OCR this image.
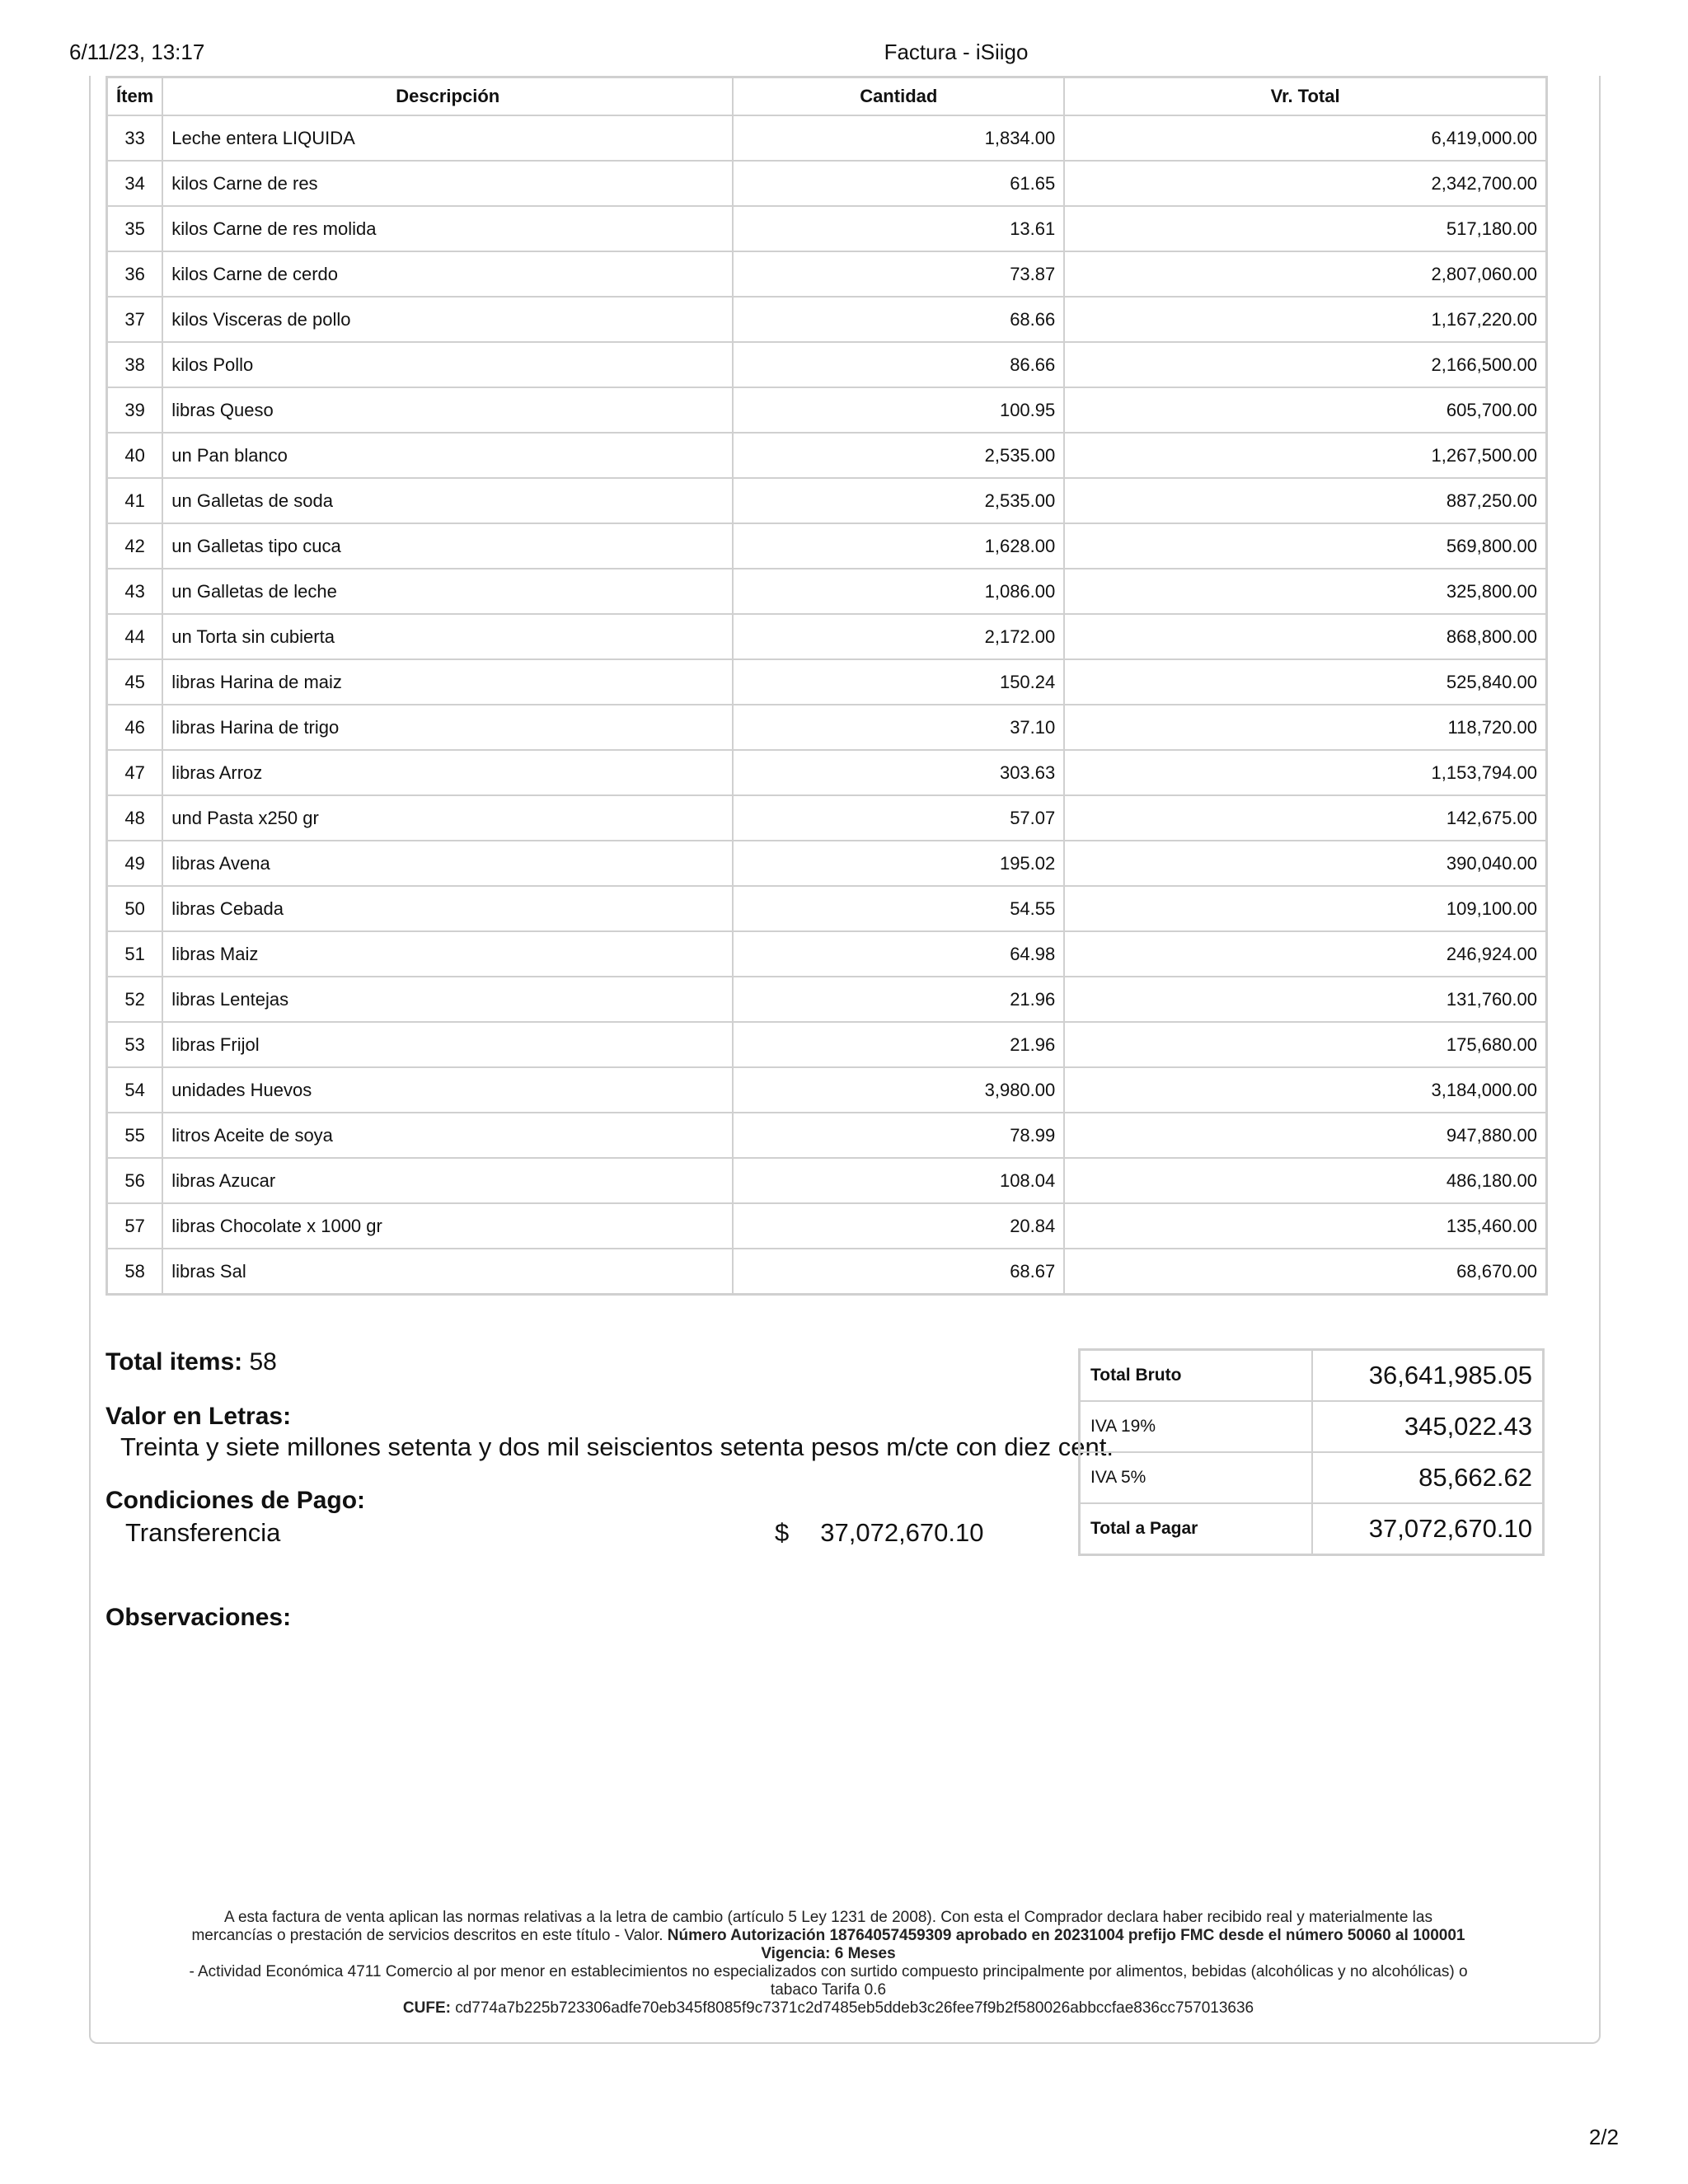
6/11/23, 13:17	Factura - iSiigo
Ítem	Descripción	Cantidad	Vr. Total
33	Leche entera LIQUIDA	1,834.00	6,419,000.00
34	kilos Carne de res	61.65	2,342,700.00
35	kilos Carne de res molida	13.61	517,180.00
36	kilos Carne de cerdo	73.87	2,807,060.00
37	kilos Visceras de pollo	68.66	1,167,220.00
38	kilos Pollo	86.66	2,166,500.00
39	libras Queso	100.95	605,700.00
40	un Pan blanco	2,535.00	1,267,500.00
41	un Galletas de soda	2,535.00	887,250.00
42	un Galletas tipo cuca	1,628.00	569,800.00
43	un Galletas de leche	1,086.00	325,800.00
44	un Torta sin cubierta	2,172.00	868,800.00
45	libras Harina de maiz	150.24	525,840.00
46	libras Harina de trigo	37.10	118,720.00
47	libras Arroz	303.63	1,153,794.00
48	und Pasta x250 gr	57.07	142,675.00
49	libras Avena	195.02	390,040.00
50	libras Cebada	54.55	109,100.00
51	libras Maiz	64.98	246,924.00
52	libras Lentejas	21.96	131,760.00
53	libras Frijol	21.96	175,680.00
54	unidades Huevos	3,980.00	3,184,000.00
55	litros Aceite de soya	78.99	947,880.00
56	libras Azucar	108.04	486,180.00
57	libras Chocolate x 1000 gr	20.84	135,460.00
58	libras Sal	68.67	68,670.00
Total items: 58
Valor en Letras:
Treinta y siete millones setenta y dos mil seiscientos setenta pesos m/cte con diez cent.
Condiciones de Pago:
Transferencia	$ 37,072,670.10
Total Bruto	36,641,985.05
IVA 19%	345,022.43
IVA 5%	85,662.62
Total a Pagar	37,072,670.10
Observaciones:
A esta factura de venta aplican las normas relativas a la letra de cambio (artículo 5 Ley 1231 de 2008). Con esta el Comprador declara haber recibido real y materialmente las
mercancías o prestación de servicios descritos en este título - Valor. Número Autorización 18764057459309 aprobado en 20231004 prefijo FMC desde el número 50060 al 100001
Vigencia: 6 Meses
- Actividad Económica 4711 Comercio al por menor en establecimientos no especializados con surtido compuesto principalmente por alimentos, bebidas (alcohólicas y no alcohólicas) o
tabaco Tarifa 0.6
CUFE: cd774a7b225b723306adfe70eb345f8085f9c7371c2d7485eb5ddeb3c26fee7f9b2f580026abbccfae836cc757013636
2/2
